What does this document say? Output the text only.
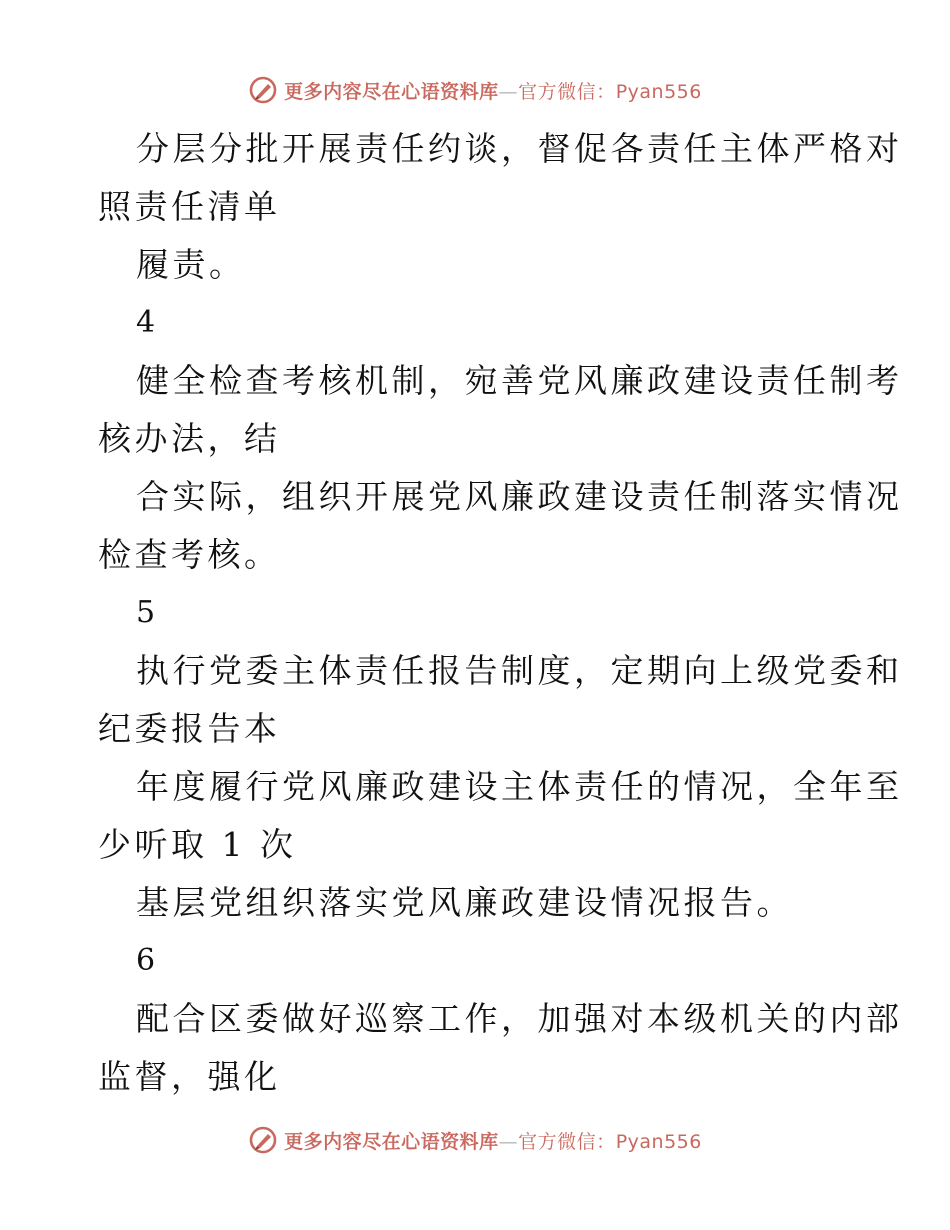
更多内容尽在心语资料库—官方微信：Pyan556
分层分批开展责任约谈，督促各责任主体严格对
照责任清单
履责。
4
健全检查考核机制，宛善党风廉政建设责任制考
核办法，结
合实际，组织开展党风廉政建设责任制落实情况
检查考核。
5
执行党委主体责任报告制度，定期向上级党委和
纪委报告本
年度履行党风廉政建设主体责任的情况，全年至
少听取 1 次
基层党组织落实党风廉政建设情况报告。
6
配合区委做好巡察工作，加强对本级机关的内部
监督，强化
更多内容尽在心语资料库—官方微信：Pyan556
